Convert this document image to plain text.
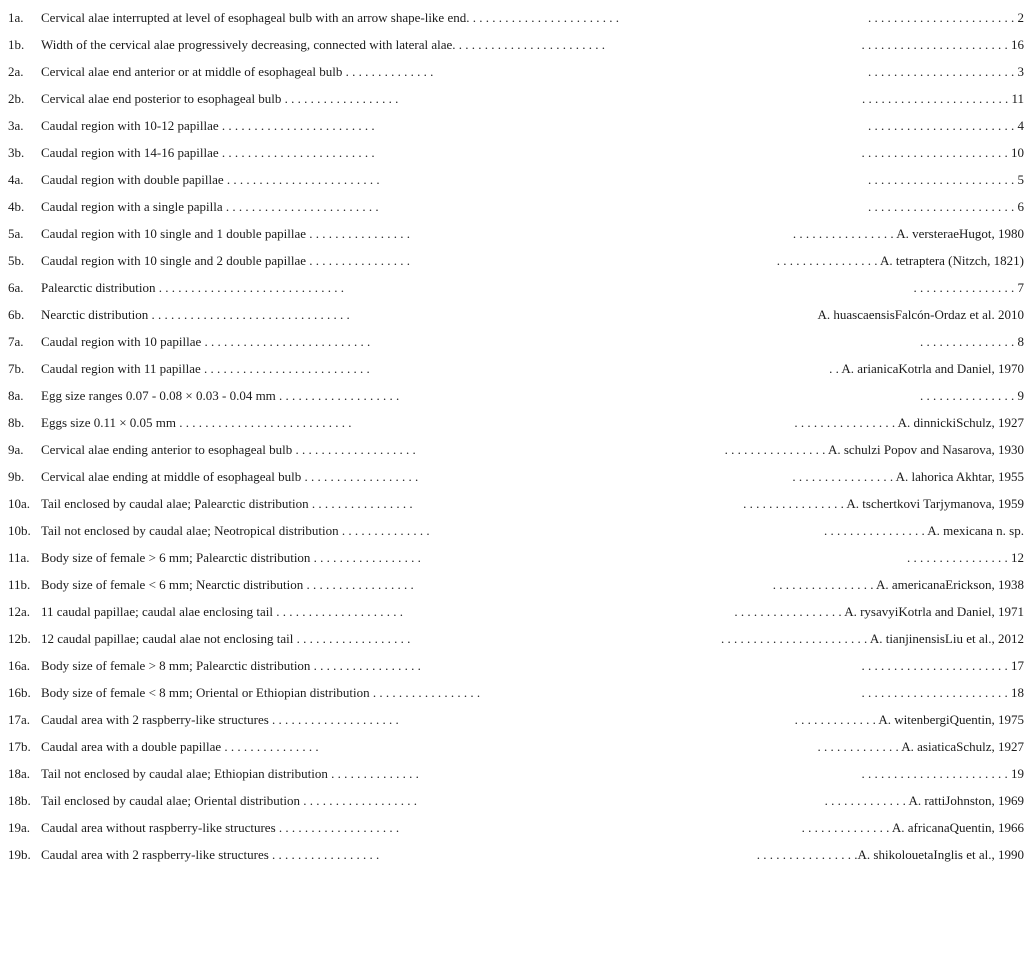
1a.	Cervical alae interrupted at level of esophageal bulb with an arrow shape-like end. . . . . . . . . . . . . . . . . . . . . . . .	. . . . . . . . . . . . . . . . . . . . . . . 2
1b.	Width of the cervical alae progressively decreasing, connected with lateral alae. . . . . . . . . . . . . . . . . . . . . . . .	. . . . . . . . . . . . . . . . . . . . . . . 16
2a.	Cervical alae end anterior or at middle of esophageal bulb . . . . . . . . . . . . . .	. . . . . . . . . . . . . . . . . . . . . . . 3
2b.	Cervical alae end posterior to esophageal bulb . . . . . . . . . . . . . . . . . .	. . . . . . . . . . . . . . . . . . . . . . . 11
3a.	Caudal region with 10-12 papillae . . . . . . . . . . . . . . . . . . . . . . . .	. . . . . . . . . . . . . . . . . . . . . . . 4
3b.	Caudal region with 14-16 papillae . . . . . . . . . . . . . . . . . . . . . . . .	. . . . . . . . . . . . . . . . . . . . . . . 10
4a.	Caudal region with double papillae . . . . . . . . . . . . . . . . . . . . . . . .	. . . . . . . . . . . . . . . . . . . . . . . 5
4b.	Caudal region with a single papilla . . . . . . . . . . . . . . . . . . . . . . . .	. . . . . . . . . . . . . . . . . . . . . . . 6
5a.	Caudal region with 10 single and 1 double papillae . . . . . . . . . . . . . . . .	. . . . . . . . . . . . . . . . A. versteraeHugot, 1980
5b.	Caudal region with 10 single and 2 double papillae . . . . . . . . . . . . . . . .	. . . . . . . . . . . . . . . . A. tetraptera (Nitzch, 1821)
6a.	Palearctic distribution . . . . . . . . . . . . . . . . . . . . . . . . . . . . .	. . . . . . . . . . . . . . . . 7
6b.	Nearctic distribution . . . . . . . . . . . . . . . . . . . . . . . . . . . . . . .	A. huascaensisFalcón-Ordaz et al. 2010
7a.	Caudal region with 10 papillae . . . . . . . . . . . . . . . . . . . . . . . . . .	. . . . . . . . . . . . . . . 8
7b.	Caudal region with 11 papillae . . . . . . . . . . . . . . . . . . . . . . . . . .	. . A. arianicaKotrla and Daniel, 1970
8a.	Egg size ranges 0.07 - 0.08 × 0.03 - 0.04 mm . . . . . . . . . . . . . . . . . . .	. . . . . . . . . . . . . . . 9
8b.	Eggs size 0.11 × 0.05 mm . . . . . . . . . . . . . . . . . . . . . . . . . . .	. . . . . . . . . . . . . . . . A. dinnickiSchulz, 1927
9a.	Cervical alae ending anterior to esophageal bulb . . . . . . . . . . . . . . . . . . .	. . . . . . . . . . . . . . . . A. schulzi Popov and Nasarova, 1930
9b.	Cervical alae ending at middle of esophageal bulb . . . . . . . . . . . . . . . . . .	. . . . . . . . . . . . . . . . A. lahorica Akhtar, 1955
10a. Tail enclosed by caudal alae; Palearctic distribution . . . . . . . . . . . . . . . .	. . . . . . . . . . . . . . . . A. tschertkovi Tarjymanova, 1959
10b. Tail not enclosed by caudal alae; Neotropical distribution . . . . . . . . . . . . . .	. . . . . . . . . . . . . . . . A. mexicana n. sp.
11a. Body size of female > 6 mm; Palearctic distribution . . . . . . . . . . . . . . . . .	. . . . . . . . . . . . . . . . 12
11b. Body size of female < 6 mm; Nearctic distribution . . . . . . . . . . . . . . . . .	. . . . . . . . . . . . . . . . A. americanaErickson, 1938
12a. 11 caudal papillae; caudal alae enclosing tail . . . . . . . . . . . . . . . . . . . .	. . . . . . . . . . . . . . . . . A. rysavyiKotrla and Daniel, 1971
12b. 12 caudal papillae; caudal alae not enclosing tail . . . . . . . . . . . . . . . . . .	. . . . . . . . . . . . . . . . . . . . . . . A. tianjinensisLiu et al., 2012
16a. Body size of female > 8 mm; Palearctic distribution . . . . . . . . . . . . . . . . .	. . . . . . . . . . . . . . . . . . . . . . . 17
16b. Body size of female < 8 mm; Oriental or Ethiopian distribution . . . . . . . . . . . . . . . . .	. . . . . . . . . . . . . . . . . . . . . . . 18
17a. Caudal area with 2 raspberry-like structures . . . . . . . . . . . . . . . . . . . .	. . . . . . . . . . . . . A. witenbergiQuentin, 1975
17b. Caudal area with a double papillae . . . . . . . . . . . . . . .	. . . . . . . . . . . . . A. asiaticaSchulz, 1927
18a. Tail not enclosed by caudal alae; Ethiopian distribution . . . . . . . . . . . . . .	. . . . . . . . . . . . . . . . . . . . . . . 19
18b. Tail enclosed by caudal alae; Oriental distribution . . . . . . . . . . . . . . . . . .	. . . . . . . . . . . . . A. rattiJohnston, 1969
19a. Caudal area without raspberry-like structures . . . . . . . . . . . . . . . . . . .	. . . . . . . . . . . . . . A. africanaQuentin, 1966
19b. Caudal area with 2 raspberry-like structures . . . . . . . . . . . . . . . . .	. . . . . . . . . . . . . . . .A. shikolouetaInglis et al., 1990
